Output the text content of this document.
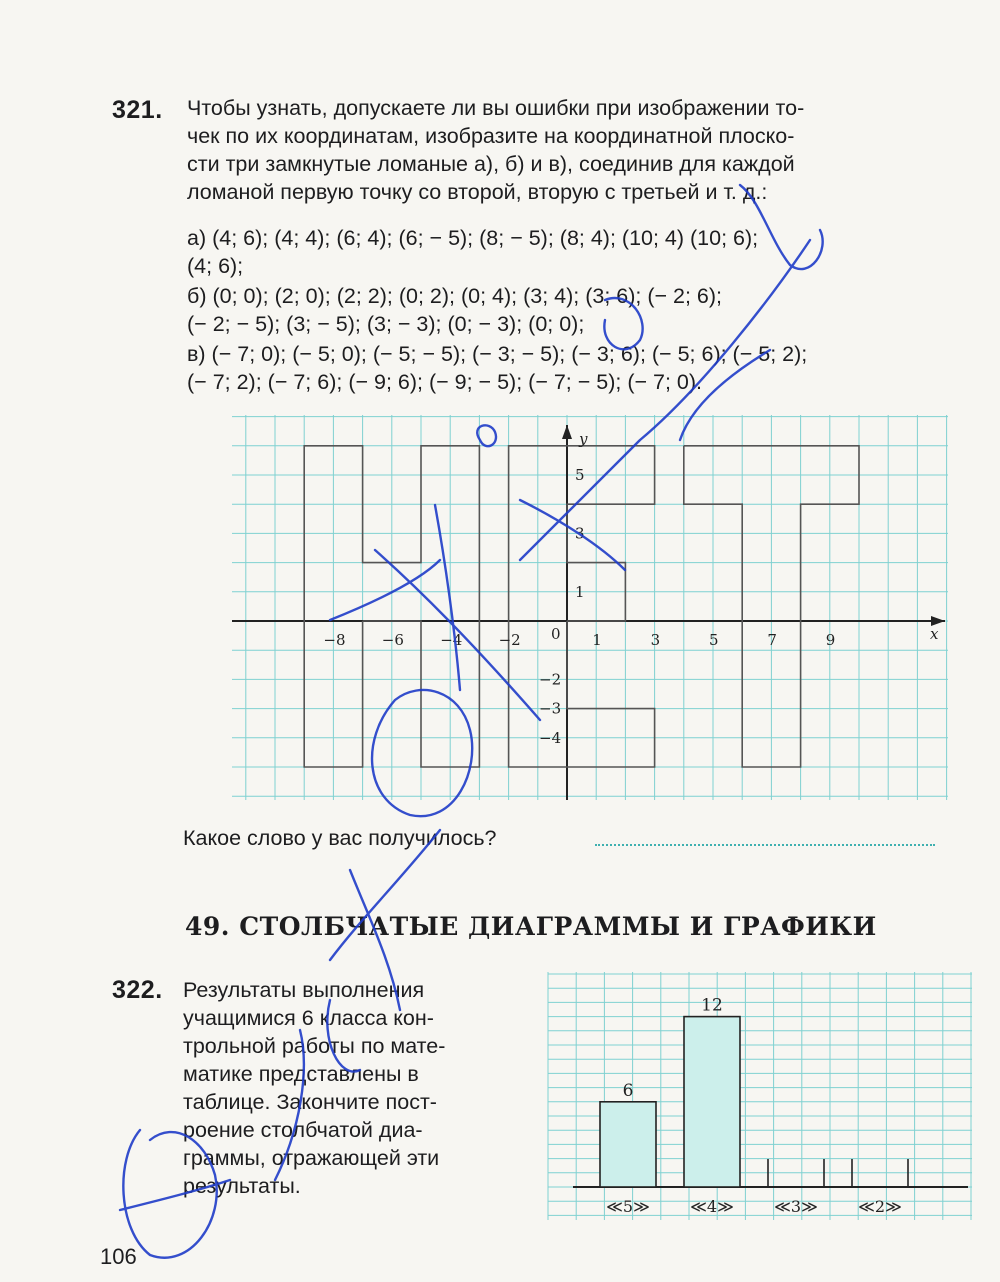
321. Чтобы узнать, допускаете ли вы ошибки при изображении то-
чек по их координатам, изобразите на координатной плоско-
сти три замкнутые ломаные а), б) и в), соединив для каждой
ломаной первую точку со второй, вторую с третьей и т. д.:
а) (4; 6); (4; 4); (6; 4); (6; − 5); (8; − 5); (8; 4); (10; 4) (10; 6);
(4; 6);
б) (0; 0); (2; 0); (2; 2); (0; 2); (0; 4); (3; 4); (3; 6); (− 2; 6);
(− 2; − 5); (3; − 5); (3; − 3); (0; − 3); (0; 0);
в) (− 7; 0); (− 5; 0); (− 5; − 5); (− 3; − 5); (− 3; 6); (− 5; 6); (− 5; 2);
(− 7; 2); (− 7; 6); (− 9; 6); (− 9; − 5); (− 7; − 5); (− 7; 0).
−8 −6 −4 −2	1	3	5	7	9
5
3
1
−2
−3
−4
0	x
y
Какое слово у вас получилось?
49. СТОЛБЧАТЫЕ ДИАГРАММЫ И ГРАФИКИ
322. Результаты выполнения
учащимися 6 класса кон-
трольной работы по мате-
матике представлены в
таблице. Закончите пост-
роение столбчатой диа-
граммы, отражающей эти
результаты.
6
≪5≫
12
≪4≫	≪3≫	≪2≫
106
